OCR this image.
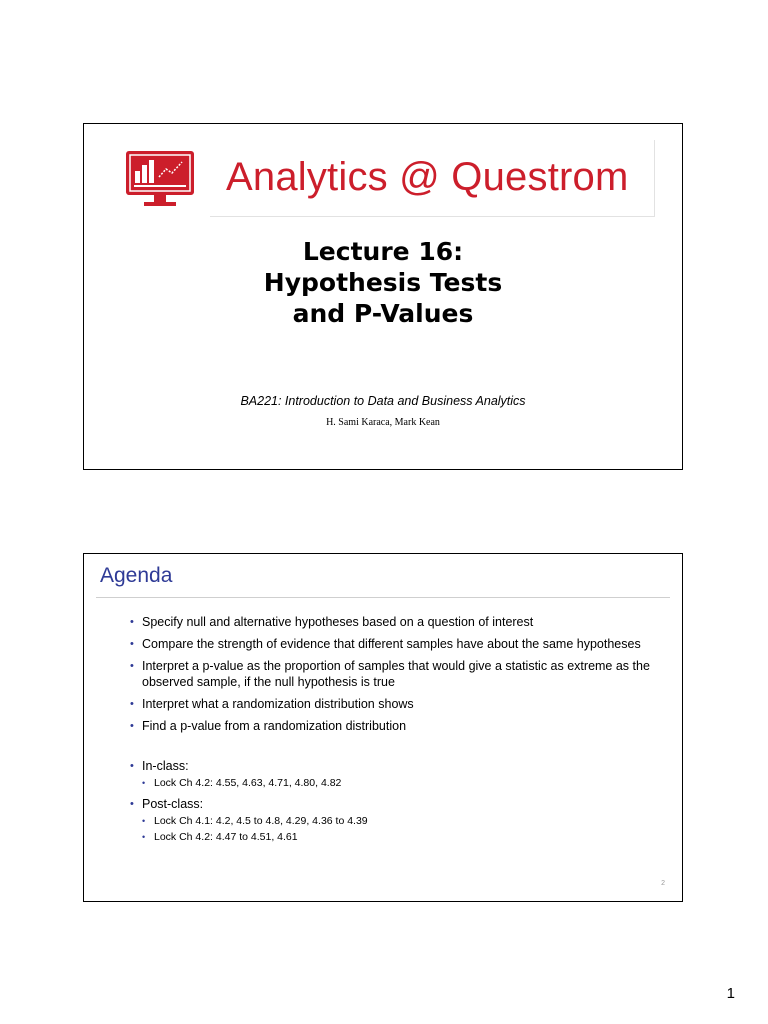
Analytics @ Questrom
Lecture 16:
Hypothesis Tests
and P-Values
BA221: Introduction to Data and Business Analytics
H. Sami Karaca, Mark Kean
Agenda
• Specify null and alternative hypotheses based on a question of interest
• Compare the strength of evidence that different samples have about the same hypotheses
• Interpret a p-value as the proportion of samples that would give a statistic as extreme as the observed sample, if the null hypothesis is true
• Interpret what a randomization distribution shows
• Find a p-value from a randomization distribution
• In-class:
• Lock Ch 4.2: 4.55, 4.63, 4.71, 4.80, 4.82
• Post-class:
• Lock Ch 4.1: 4.2, 4.5 to 4.8, 4.29, 4.36 to 4.39
• Lock Ch 4.2: 4.47 to 4.51, 4.61
2
1
